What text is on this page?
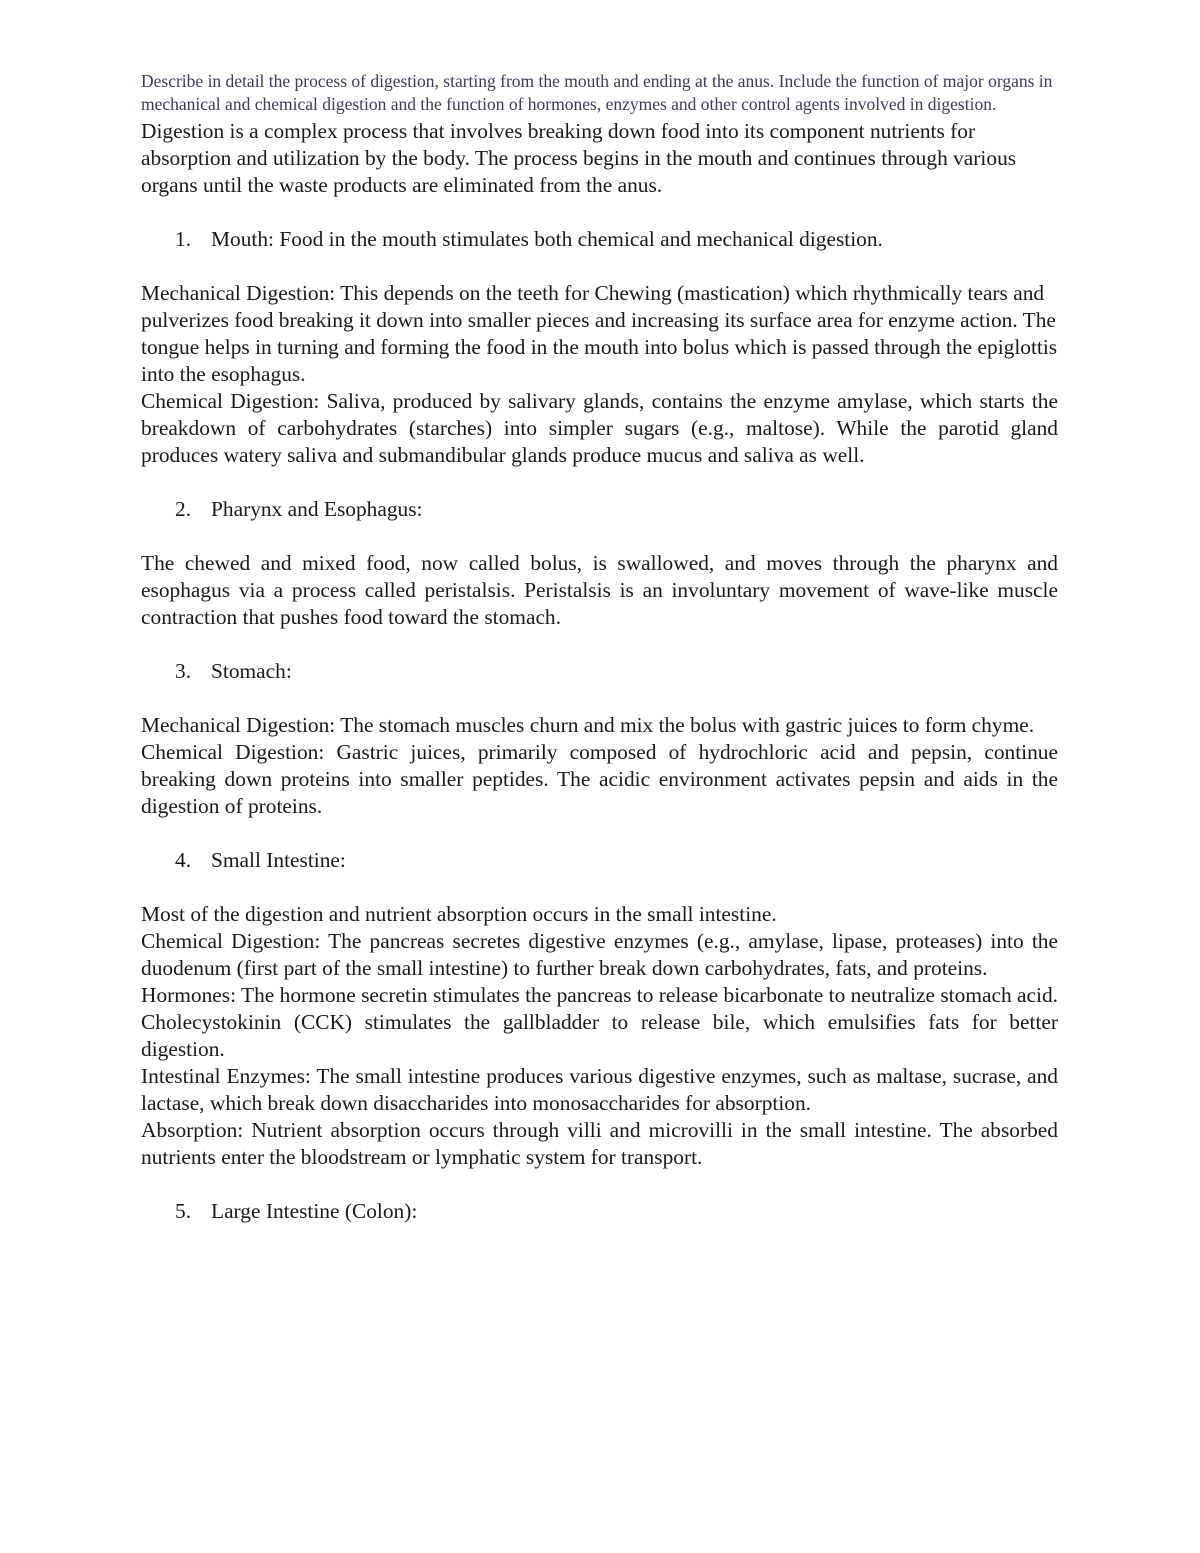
Describe in detail the process of digestion, starting from the mouth and ending at the anus. Include the function of major organs in mechanical and chemical digestion and the function of hormones, enzymes and other control agents involved in digestion.

Digestion is a complex process that involves breaking down food into its component nutrients for absorption and utilization by the body. The process begins in the mouth and continues through various organs until the waste products are eliminated from the anus.

1. Mouth: Food in the mouth stimulates both chemical and mechanical digestion.

Mechanical Digestion: This depends on the teeth for Chewing (mastication) which rhythmically tears and pulverizes food breaking it down into smaller pieces and increasing its surface area for enzyme action. The tongue helps in turning and forming the food in the mouth into bolus which is passed through the epiglottis into the esophagus.

Chemical Digestion: Saliva, produced by salivary glands, contains the enzyme amylase, which starts the breakdown of carbohydrates (starches) into simpler sugars (e.g., maltose). While the parotid gland produces watery saliva and submandibular glands produce mucus and saliva as well.

2. Pharynx and Esophagus:

The chewed and mixed food, now called bolus, is swallowed, and moves through the pharynx and esophagus via a process called peristalsis. Peristalsis is an involuntary movement of wave-like muscle contraction that pushes food toward the stomach.

3. Stomach:

Mechanical Digestion: The stomach muscles churn and mix the bolus with gastric juices to form chyme.

Chemical Digestion: Gastric juices, primarily composed of hydrochloric acid and pepsin, continue breaking down proteins into smaller peptides. The acidic environment activates pepsin and aids in the digestion of proteins.

4. Small Intestine:

Most of the digestion and nutrient absorption occurs in the small intestine.

Chemical Digestion: The pancreas secretes digestive enzymes (e.g., amylase, lipase, proteases) into the duodenum (first part of the small intestine) to further break down carbohydrates, fats, and proteins.

Hormones: The hormone secretin stimulates the pancreas to release bicarbonate to neutralize stomach acid. Cholecystokinin (CCK) stimulates the gallbladder to release bile, which emulsifies fats for better digestion.

Intestinal Enzymes: The small intestine produces various digestive enzymes, such as maltase, sucrase, and lactase, which break down disaccharides into monosaccharides for absorption.

Absorption: Nutrient absorption occurs through villi and microvilli in the small intestine. The absorbed nutrients enter the bloodstream or lymphatic system for transport.

5. Large Intestine (Colon):
